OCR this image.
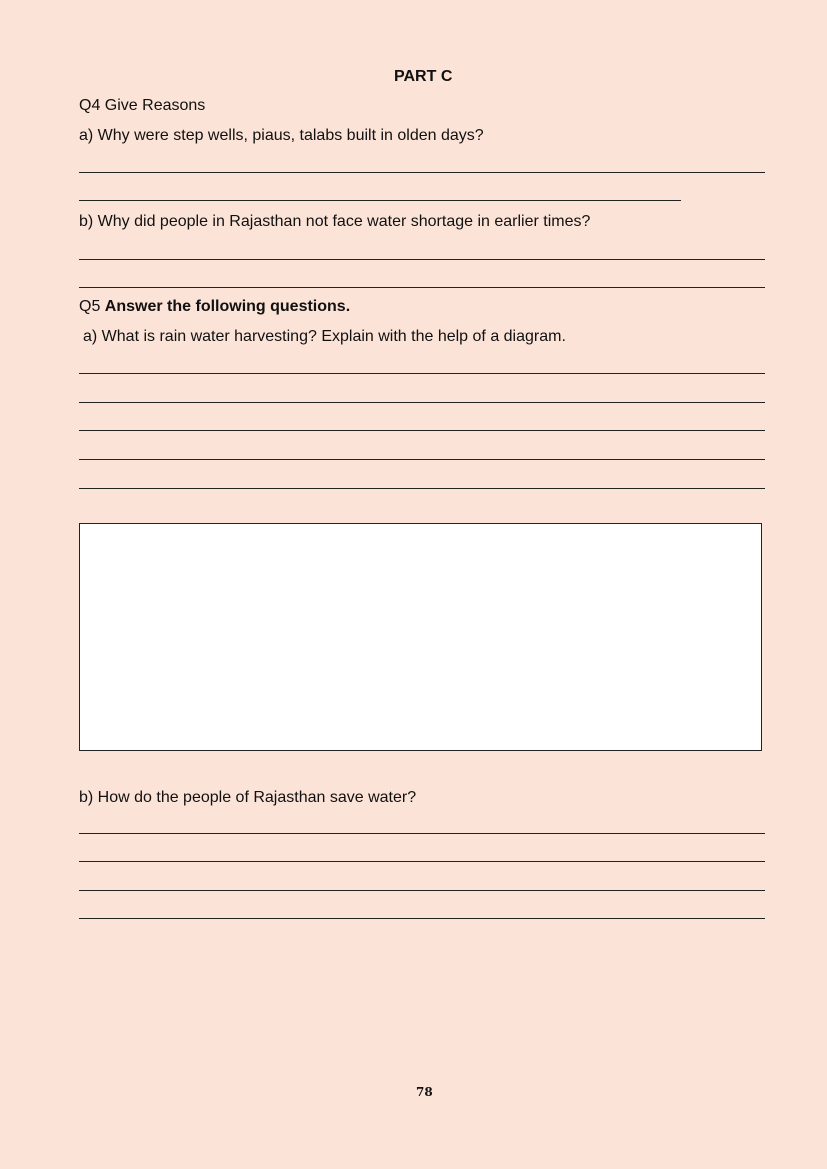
PART C
Q4 Give Reasons
a) Why were step wells, piaus, talabs built in olden days?
b) Why did people in Rajasthan not face water shortage in earlier times?
Q5 Answer the following questions.
a) What is rain water harvesting? Explain with the help of a diagram.
b) How do the people of Rajasthan save water?
78
